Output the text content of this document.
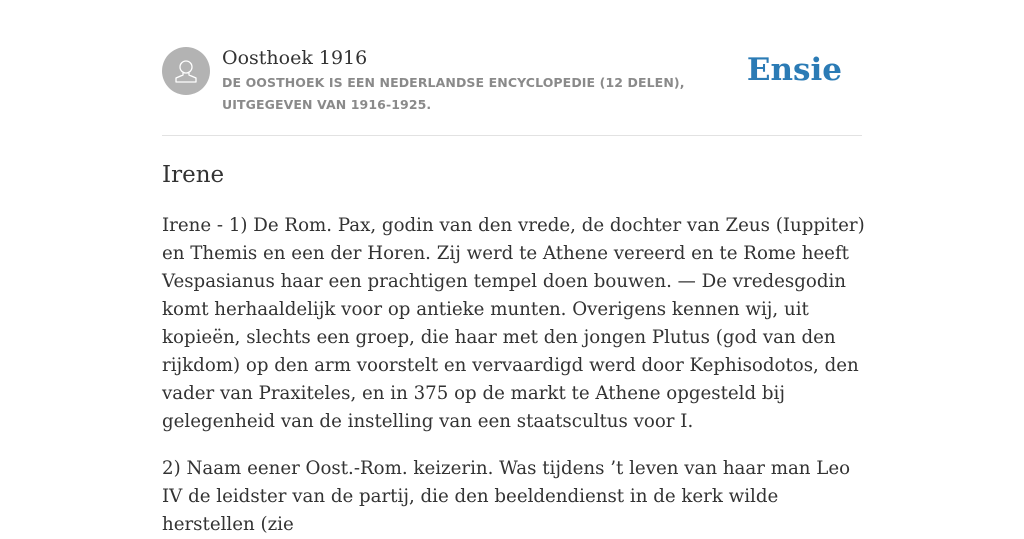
Oosthoek 1916
DE OOSTHOEK IS EEN NEDERLANDSE ENCYCLOPEDIE (12 DELEN), UITGEGEVEN VAN 1916-1925.
Ensie
Irene

Irene - 1) De Rom. Pax, godin van den vrede, de dochter van Zeus (Iuppiter) en Themis en een der Horen. Zij werd te Athene vereerd en te Rome heeft Vespasianus haar een prachtigen tempel doen bouwen. — De vredesgodin komt herhaaldelijk voor op antieke munten. Overigens kennen wij, uit kopieën, slechts een groep, die haar met den jongen Plutus (god van den rijkdom) op den arm voorstelt en vervaardigd werd door Kephisodotos, den vader van Praxiteles, en in 375 op de markt te Athene opgesteld bij gelegenheid van de instelling van een staatscultus voor I.

2) Naam eener Oost.-Rom. keizerin. Was tijdens ’t leven van haar man Leo IV de leidster van de partij, die den beeldendienst in de kerk wilde herstellen (zie
